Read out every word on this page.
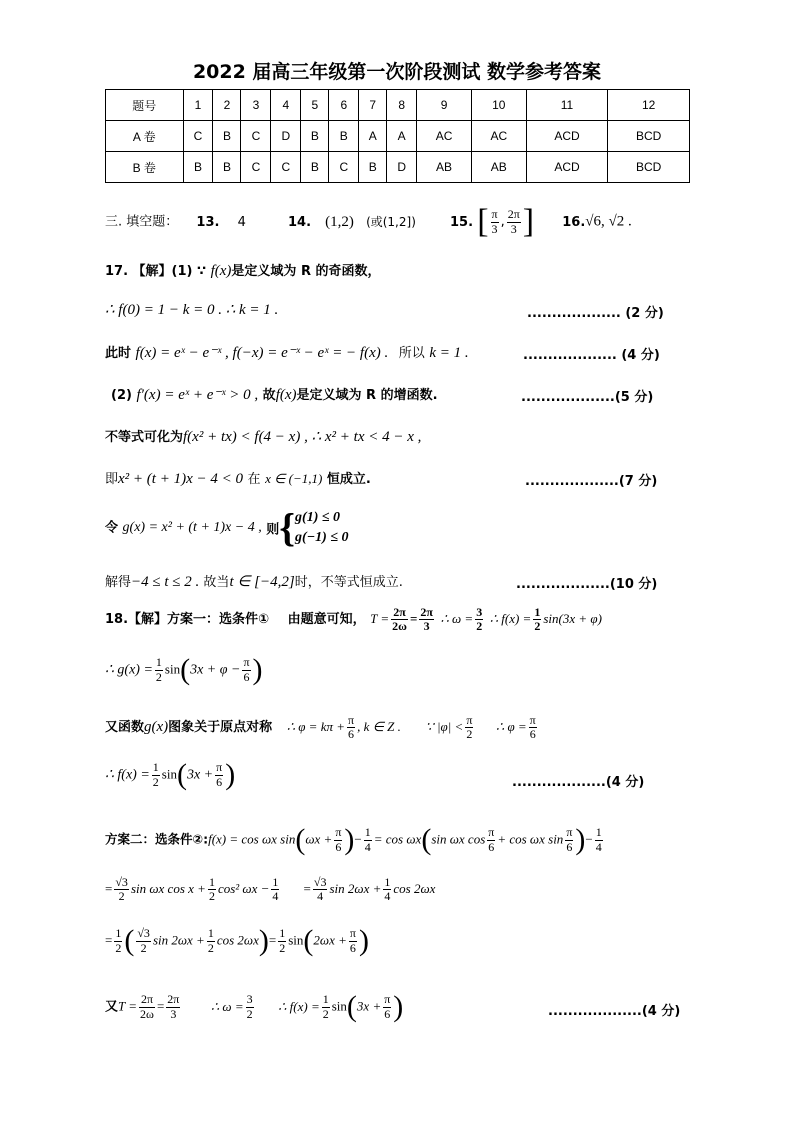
2022 届高三年级第一次阶段测试 数学参考答案
题号	1	2	3	4	5	6	7	8	9	10	11	12
A 卷	C	B	C	D	B	B	A	A	AC	AC	ACD	BCD
B 卷	B	B	C	C	B	C	B	D	AB	AB	ACD	BCD
三. 填空题： 13. 4	14. (1,2) (或(1,2])	15. [ $\frac{\pi}{3}$ , $\frac{2\pi}{3}$ ] 16.√6, √2 .
17. 【解】(1) ∵ f(x)是定义域为 R 的奇函数，
∴ f(0) = 1 − k = 0 . ∴ k = 1 .	................... (2 分)
此时 f(x) = eˣ − e⁻ˣ , f(−x) = e⁻ˣ − eˣ = − f(x) . 所以 k = 1 .	................... (4 分)
(2) f′(x) = eˣ + e⁻ˣ > 0 , 故f(x)是定义域为 R 的增函数.	...................(5 分)
不等式可化为f(x² + tx) < f(4 − x) , ∴ x² + tx < 4 − x ,
即x² + (t + 1)x − 4 < 0 在 x ∈ (−1,1) 恒成立.	...................(7 分)
令 g(x) = x² + (t + 1)x − 4 , 则{ g(1) ≤ 0
g(−1) ≤ 0
解得−4 ≤ t ≤ 2 . 故当t ∈ [−4,2]时，不等式恒成立.	...................(10 分)
18.【解】方案一：选条件① 由题意可知， $T = \frac{2\pi}{2\omega} = \frac{2\pi}{3}$ ∴ $\omega = \frac{3}{2}$ ∴ $f(x) = \frac{1}{2} \sin(3x + \varphi)$
∴ $g(x) = \frac{1}{2} \sin(3x + \varphi - \frac{\pi}{6}$ )
又函数g(x)图象关于原点对称 ∴ $\varphi = k\pi + \frac{\pi}{6}$ , k ∈ Z . ∵ $|\varphi| < \frac{\pi}{2}$ ∴ $\varphi = \frac{\pi}{6}$
∴ $f(x) = \frac{1}{2} \sin(3x + \frac{\pi}{6}$ )	...................(4 分)
方案二：选条件②:f(x) = cos ωx $\sin(\omega x + \frac{\pi}{6}$ )− $\frac{1}{4} = \cos \omega x(\sin$ ωx $\cos \frac{\pi}{6} + \cos \omega x$ $\sin \frac{\pi}{6}$ )− $\frac{1}{4}$
= $\frac{√3}{2}$ sin ωx $\cos x + \frac{1}{2} \cos^2$ $\omega x - \frac{1}{4} = \frac{√3}{4}$ $\sin 2\omega x + \frac{1}{4}$ cos 2ωx
= $\frac{1}{2}$ ( $\frac{√3}{2}$ $\sin 2\omega x + \frac{1}{2}$ $\cos 2\omega x)= \frac{1}{2} \sin(2\omega x + \frac{\pi}{6}$ )
又$T = \frac{2\pi}{2\omega} = \frac{2\pi}{3}$ ∴ $\omega = \frac{3}{2}$ ∴ $f(x) = \frac{1}{2} \sin(3x + \frac{\pi}{6}$ )	...................(4 分)
